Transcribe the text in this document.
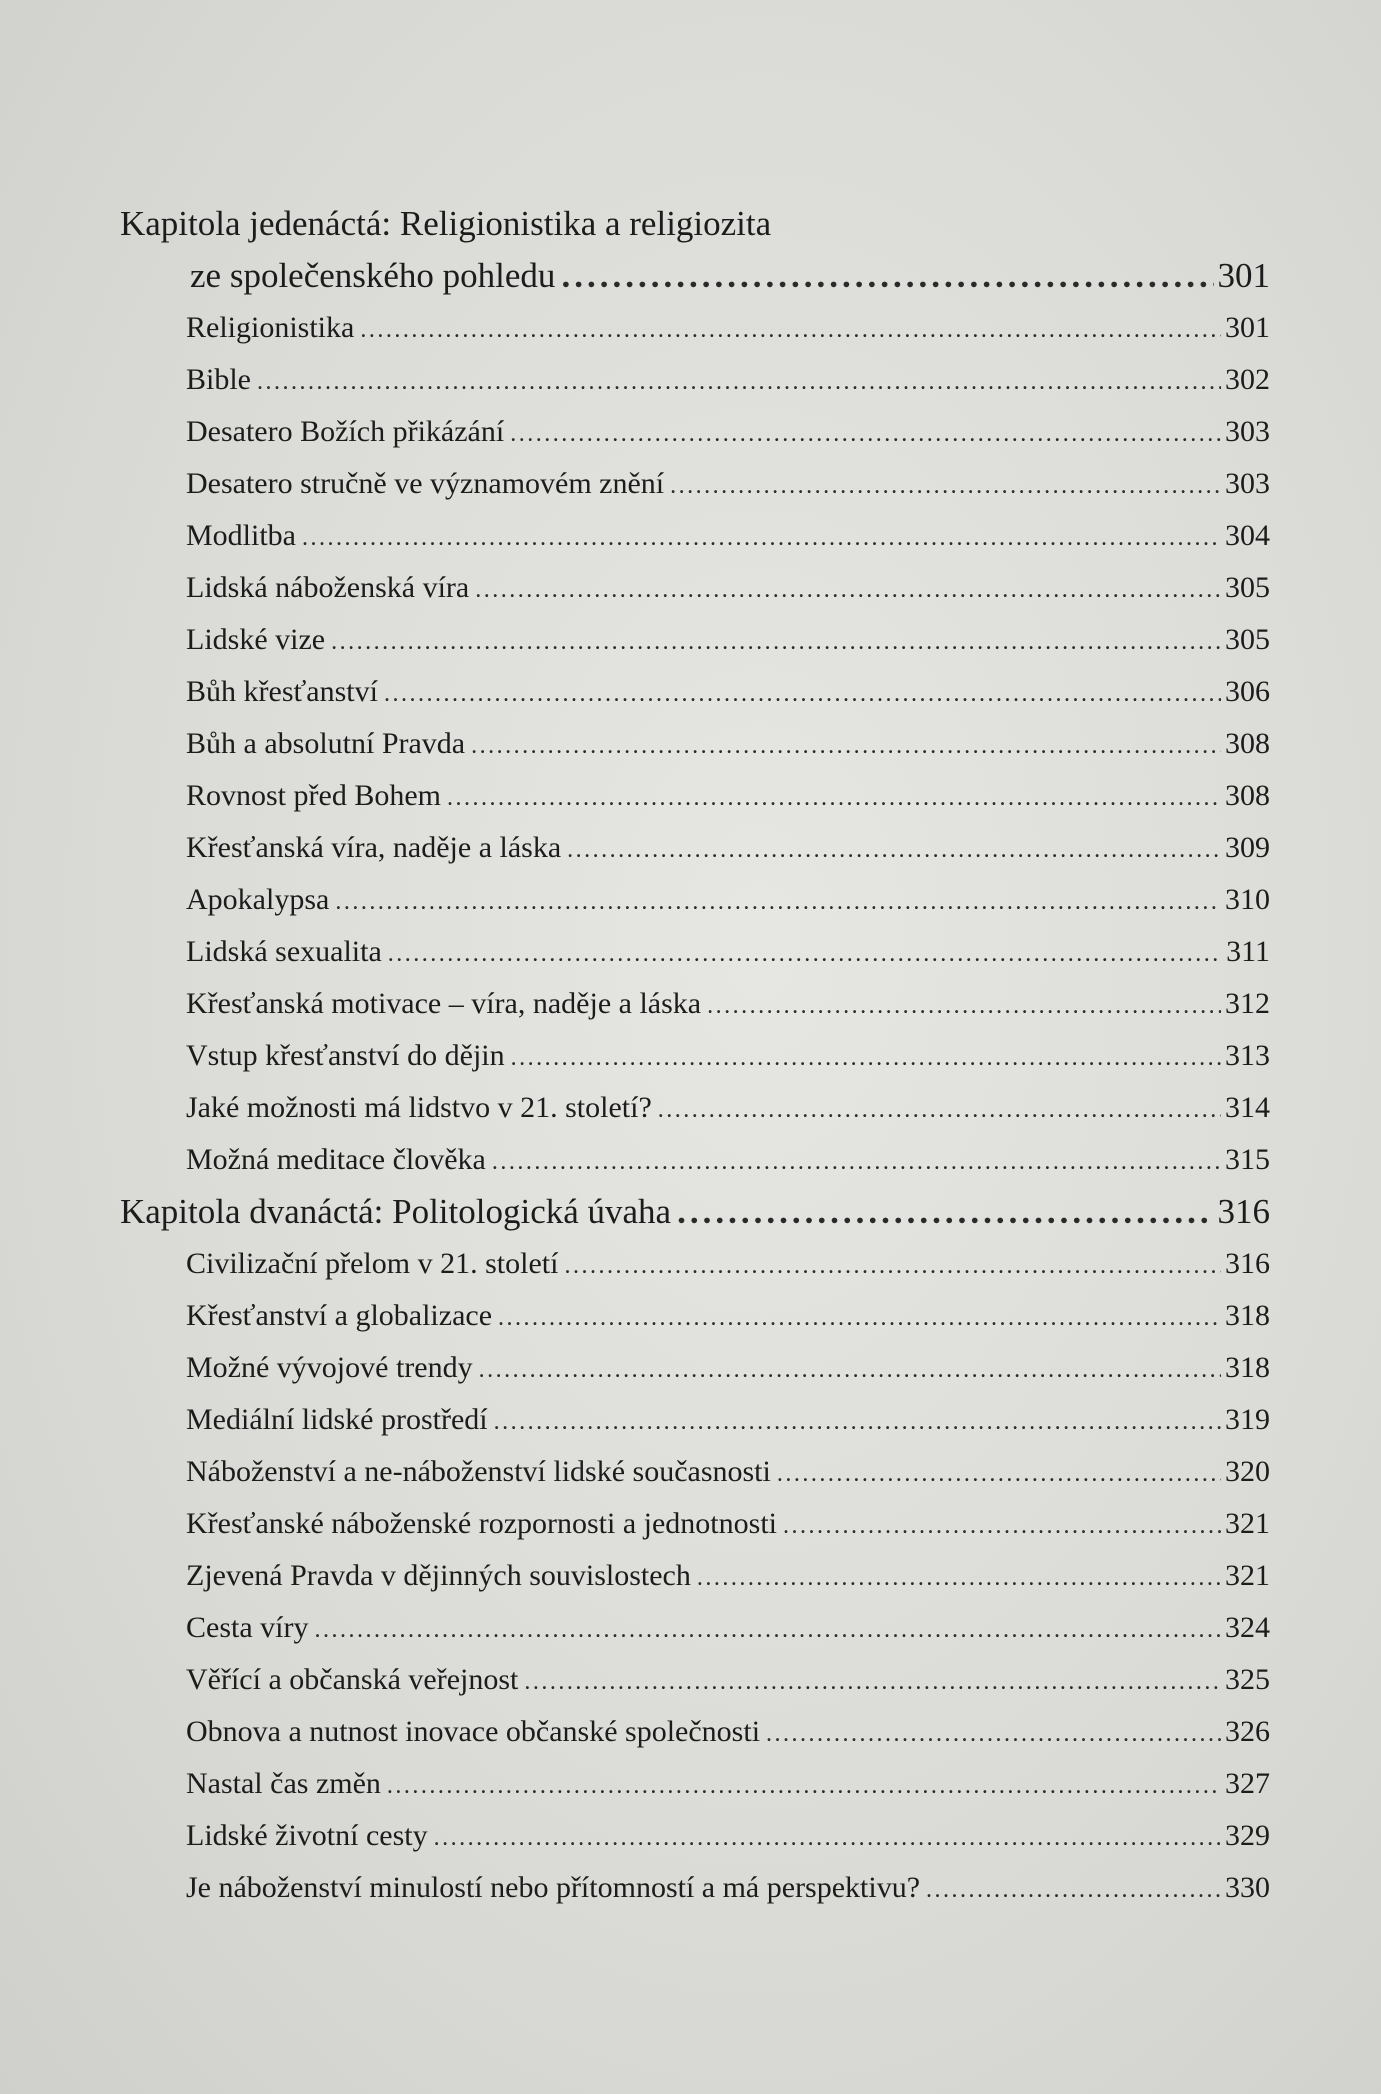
Kapitola jedenáctá: Religionistika a religiozita
ze společenského pohledu .....	301
Religionistika .....	301
Bible .....	302
Desatero Božích přikázání .....	303
Desatero stručně ve významovém znění .....	303
Modlitba .....	304
Lidská náboženská víra .....	305
Lidské vize .....	305
Bůh křesťanství .....	306
Bůh a absolutní Pravda .....	308
Rovnost před Bohem .....	308
Křesťanská víra, naděje a láska .....	309
Apokalypsa .....	310
Lidská sexualita .....	311
Křesťanská motivace – víra, naděje a láska .....	312
Vstup křesťanství do dějin .....	313
Jaké možnosti má lidstvo v 21. století? .....	314
Možná meditace člověka .....	315
Kapitola dvanáctá: Politologická úvaha .....	316
Civilizační přelom v 21. století .....	316
Křesťanství a globalizace .....	318
Možné vývojové trendy .....	318
Mediální lidské prostředí .....	319
Náboženství a ne-náboženství lidské současnosti .....	320
Křesťanské náboženské rozpornosti a jednotnosti .....	321
Zjevená Pravda v dějinných souvislostech .....	321
Cesta víry .....	324
Věřící a občanská veřejnost .....	325
Obnova a nutnost inovace občanské společnosti .....	326
Nastal čas změn .....	327
Lidské životní cesty .....	329
Je náboženství minulostí nebo přítomností a má perspektivu? .....	330
